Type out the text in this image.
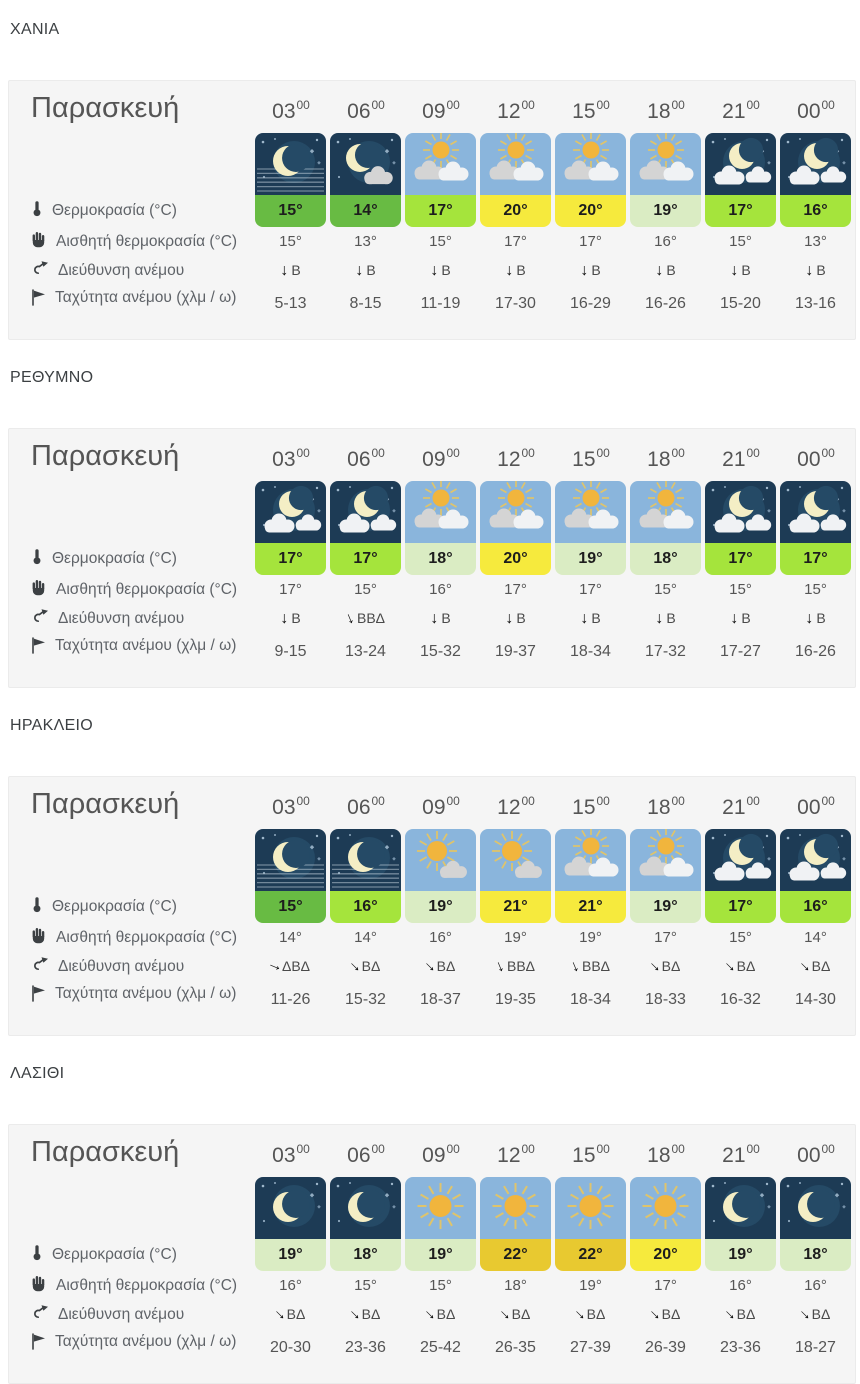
ΧΑΝΙΑ
Παρασκευή
Θερμοκρασία (°C)
Αισθητή θερμοκρασία (°C)
Διεύθυνση ανέμου
Ταχύτητα ανέμου (χλμ / ω)
$03^{00}$
15°
15°
↓ Β
5-13
$06^{00}$
14°
13°
↓ Β
8-15
$09^{00}$
17°
15°
↓ Β
11-19
$12^{00}$
20°
17°
↓ Β
17-30
$15^{00}$
20°
17°
↓ Β
16-29
$18^{00}$
19°
16°
↓ Β
16-26
$21^{00}$
17°
15°
↓ Β
15-20
$00^{00}$
16°
13°
↓ Β
13-16
ΡΕΘΥΜΝΟ
Παρασκευή
Θερμοκρασία (°C)
Αισθητή θερμοκρασία (°C)
Διεύθυνση ανέμου
Ταχύτητα ανέμου (χλμ / ω)
$03^{00}$
17°
17°
↓ Β
9-15
$06^{00}$
17°
15°
↓ΒΒΔ
13-24
$09^{00}$
18°
16°
↓ Β
15-32
$12^{00}$
20°
17°
↓ Β
19-37
$15^{00}$
19°
17°
↓ Β
18-34
$18^{00}$
18°
15°
↓ Β
17-32
$21^{00}$
17°
15°
↓ Β
17-27
$00^{00}$
17°
15°
↓ Β
16-26
ΗΡΑΚΛΕΙΟ
Παρασκευή
Θερμοκρασία (°C)
Αισθητή θερμοκρασία (°C)
Διεύθυνση ανέμου
Ταχύτητα ανέμου (χλμ / ω)
$03^{00}$
15°
14°
↓ΔΒΔ
11-26
$06^{00}$
16°
14°
↓ΒΔ
15-32
$09^{00}$
19°
16°
↓ΒΔ
18-37
$12^{00}$
21°
19°
↓ΒΒΔ
19-35
$15^{00}$
21°
19°
↓ΒΒΔ
18-34
$18^{00}$
19°
17°
↓ΒΔ
18-33
$21^{00}$
17°
15°
↓ΒΔ
16-32
$00^{00}$
16°
14°
↓ΒΔ
14-30
ΛΑΣΙΘΙ
Παρασκευή
Θερμοκρασία (°C)
Αισθητή θερμοκρασία (°C)
Διεύθυνση ανέμου
Ταχύτητα ανέμου (χλμ / ω)
$03^{00}$
19°
16°
↓ΒΔ
20-30
$06^{00}$
18°
15°
↓ΒΔ
23-36
$09^{00}$
19°
15°
↓ΒΔ
25-42
$12^{00}$
22°
18°
↓ΒΔ
26-35
$15^{00}$
22°
19°
↓ΒΔ
27-39
$18^{00}$
20°
17°
↓ΒΔ
26-39
$21^{00}$
19°
16°
↓ΒΔ
23-36
$00^{00}$
18°
16°
↓ΒΔ
18-27
